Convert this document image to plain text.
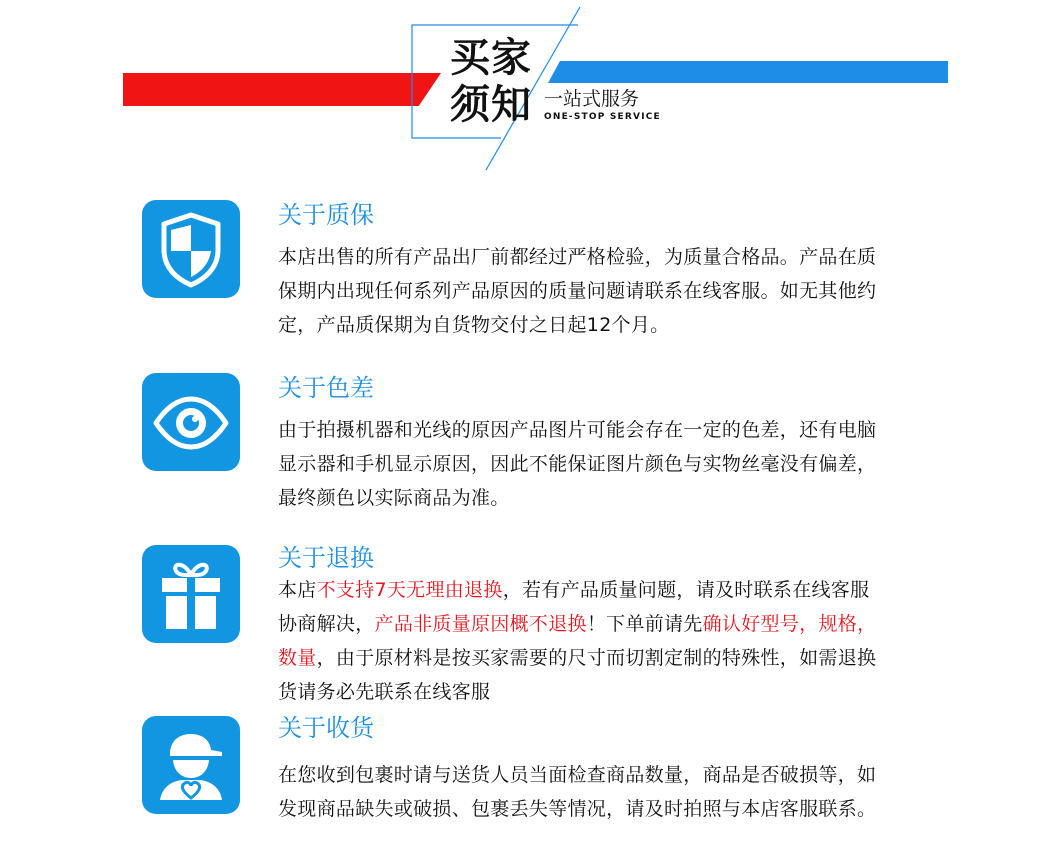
买家
须知 一站式服务
ONE-STOP SERVICE
关于质保
本店出售的所有产品出厂前都经过严格检验，为质量合格品。产品在质
保期内出现任何系列产品原因的质量问题请联系在线客服。如无其他约
定，产品质保期为自货物交付之日起12个月。
关于色差
由于拍摄机器和光线的原因产品图片可能会存在一定的色差，还有电脑
显示器和手机显示原因，因此不能保证图片颜色与实物丝毫没有偏差，
最终颜色以实际商品为准。
关于退换
本店不支持7天无理由退换，若有产品质量问题，请及时联系在线客服
协商解决，产品非质量原因概不退换！下单前请先确认好型号，规格，
数量，由于原材料是按买家需要的尺寸而切割定制的特殊性，如需退换
货请务必先联系在线客服
关于收货
在您收到包裹时请与送货人员当面检查商品数量，商品是否破损等，如
发现商品缺失或破损、包裹丢失等情况，请及时拍照与本店客服联系。
